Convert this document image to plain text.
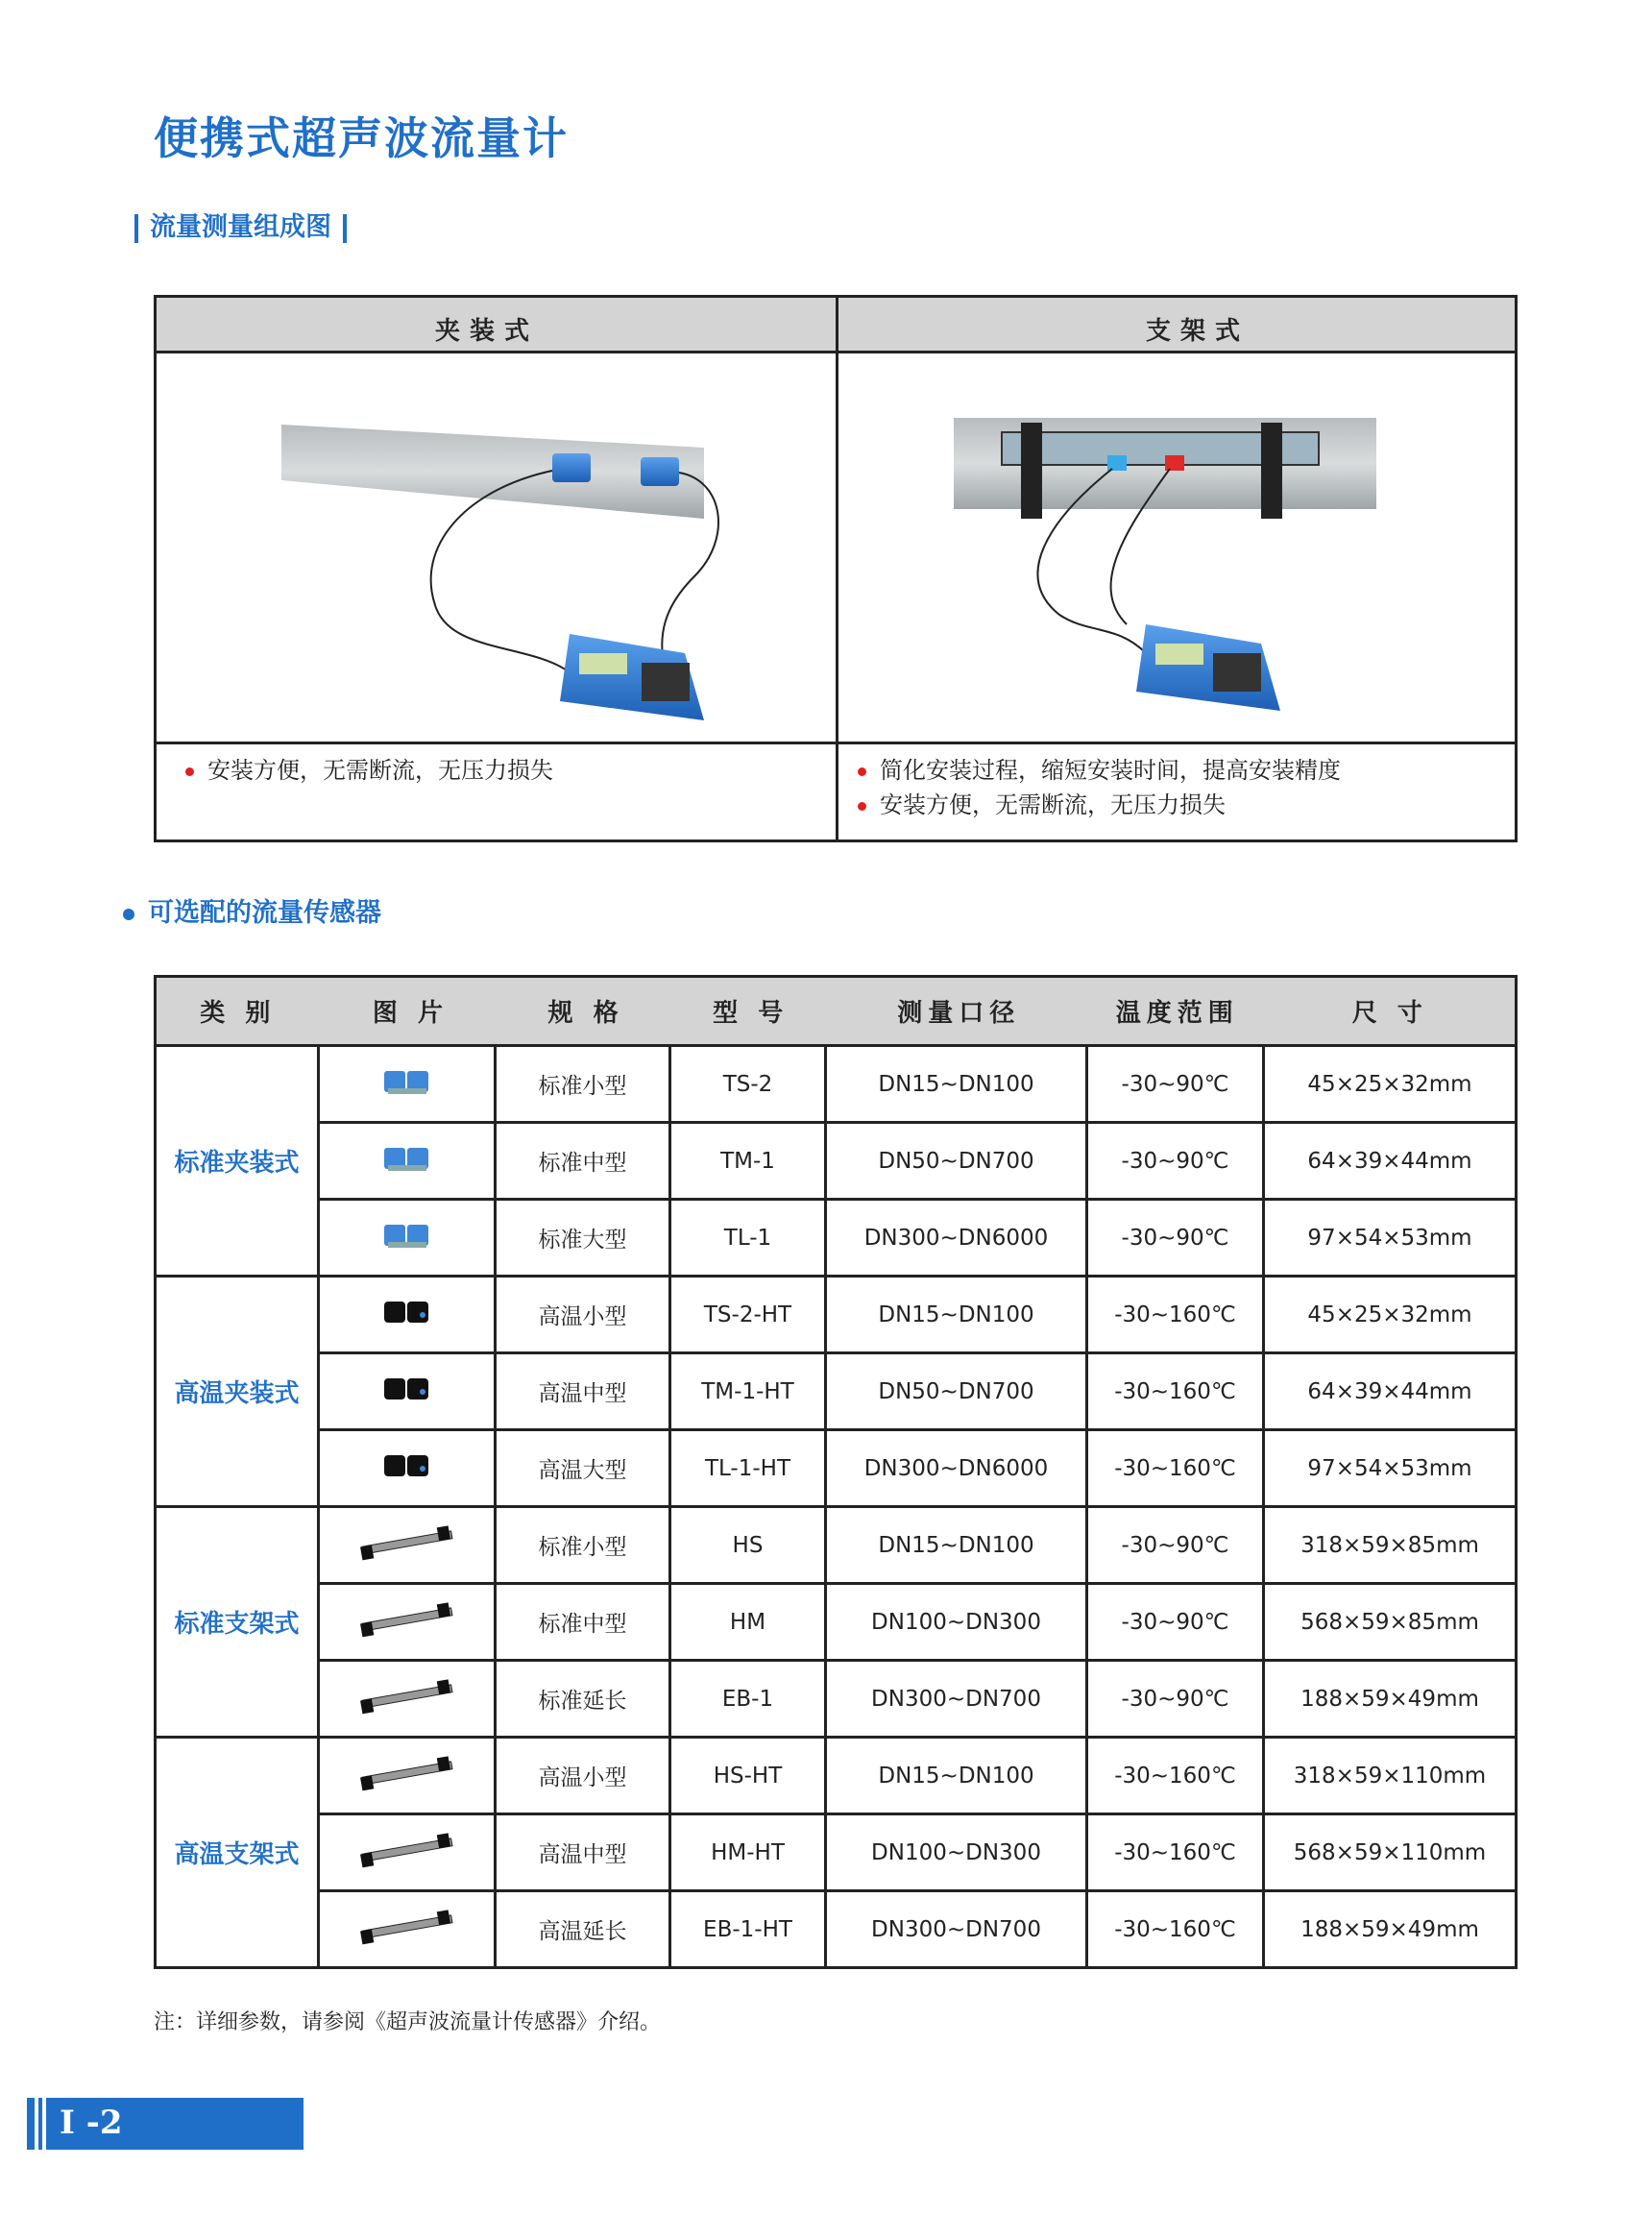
便携式超声波流量计
流量测量组成图
夹装式	支架式
安装方便，无需断流，无压力损失	简化安装过程，缩短安装时间，提高安装精度
安装方便，无需断流，无压力损失
可选配的流量传感器
类 别	图 片	规 格	型 号	测量口径	温度范围	尺 寸
标准夹装式
标准小型	TS-2	DN15~DN100	-30~90℃	45×25×32mm
标准中型	TM-1	DN50~DN700	-30~90℃	64×39×44mm
标准大型	TL-1	DN300~DN6000	-30~90℃	97×54×53mm
高温夹装式
高温小型	TS-2-HT	DN15~DN100	-30~160℃	45×25×32mm
高温中型	TM-1-HT	DN50~DN700	-30~160℃	64×39×44mm
高温大型	TL-1-HT	DN300~DN6000	-30~160℃	97×54×53mm
标准支架式
标准小型	HS	DN15~DN100	-30~90℃	318×59×85mm
标准中型	HM	DN100~DN300	-30~90℃	568×59×85mm
标准延长	EB-1	DN300~DN700	-30~90℃	188×59×49mm
高温支架式
高温小型	HS-HT	DN15~DN100	-30~160℃	318×59×110mm
高温中型	HM-HT	DN100~DN300	-30~160℃	568×59×110mm
高温延长	EB-1-HT	DN300~DN700	-30~160℃	188×59×49mm
注：详细参数，请参阅《超声波流量计传感器》介绍。
I -2
